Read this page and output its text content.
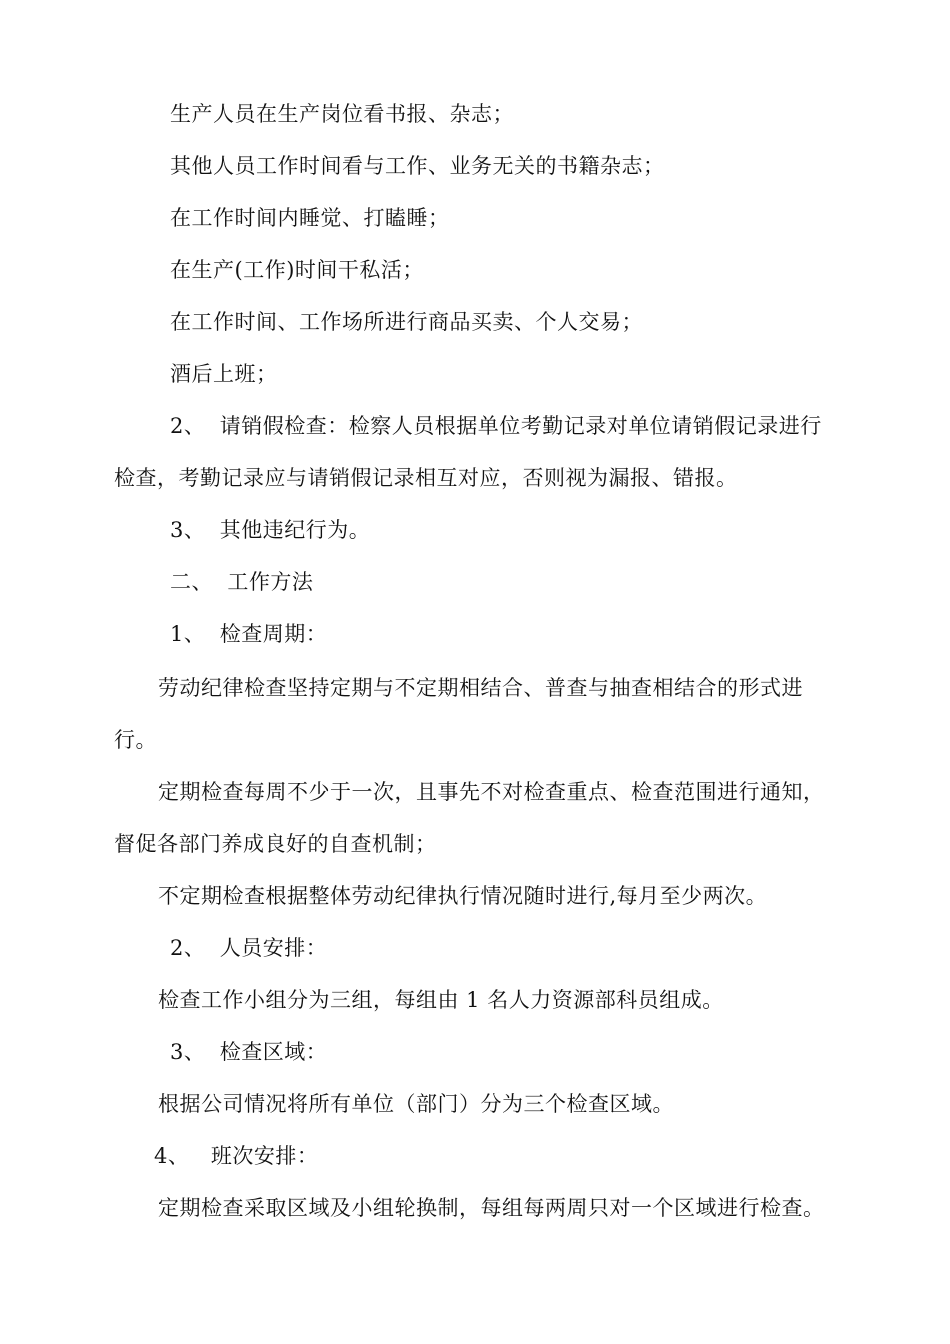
生产人员在生产岗位看书报、杂志；
其他人员工作时间看与工作、业务无关的书籍杂志；
在工作时间内睡觉、打瞌睡；
在生产(工作)时间干私活；
在工作时间、工作场所进行商品买卖、个人交易；
酒后上班；
2、  请销假检查：检察人员根据单位考勤记录对单位请销假记录进行
检查，考勤记录应与请销假记录相互对应，否则视为漏报、错报。
3、  其他违纪行为。
二、  工作方法
1、  检查周期：
劳动纪律检查坚持定期与不定期相结合、普查与抽查相结合的形式进
行。
定期检查每周不少于一次，且事先不对检查重点、检查范围进行通知，
督促各部门养成良好的自查机制；
不定期检查根据整体劳动纪律执行情况随时进行,每月至少两次。
2、  人员安排：
检查工作小组分为三组，每组由 1 名人力资源部科员组成。
3、  检查区域：
根据公司情况将所有单位（部门）分为三个检查区域。
4、   班次安排：
定期检查采取区域及小组轮换制，每组每两周只对一个区域进行检查。
